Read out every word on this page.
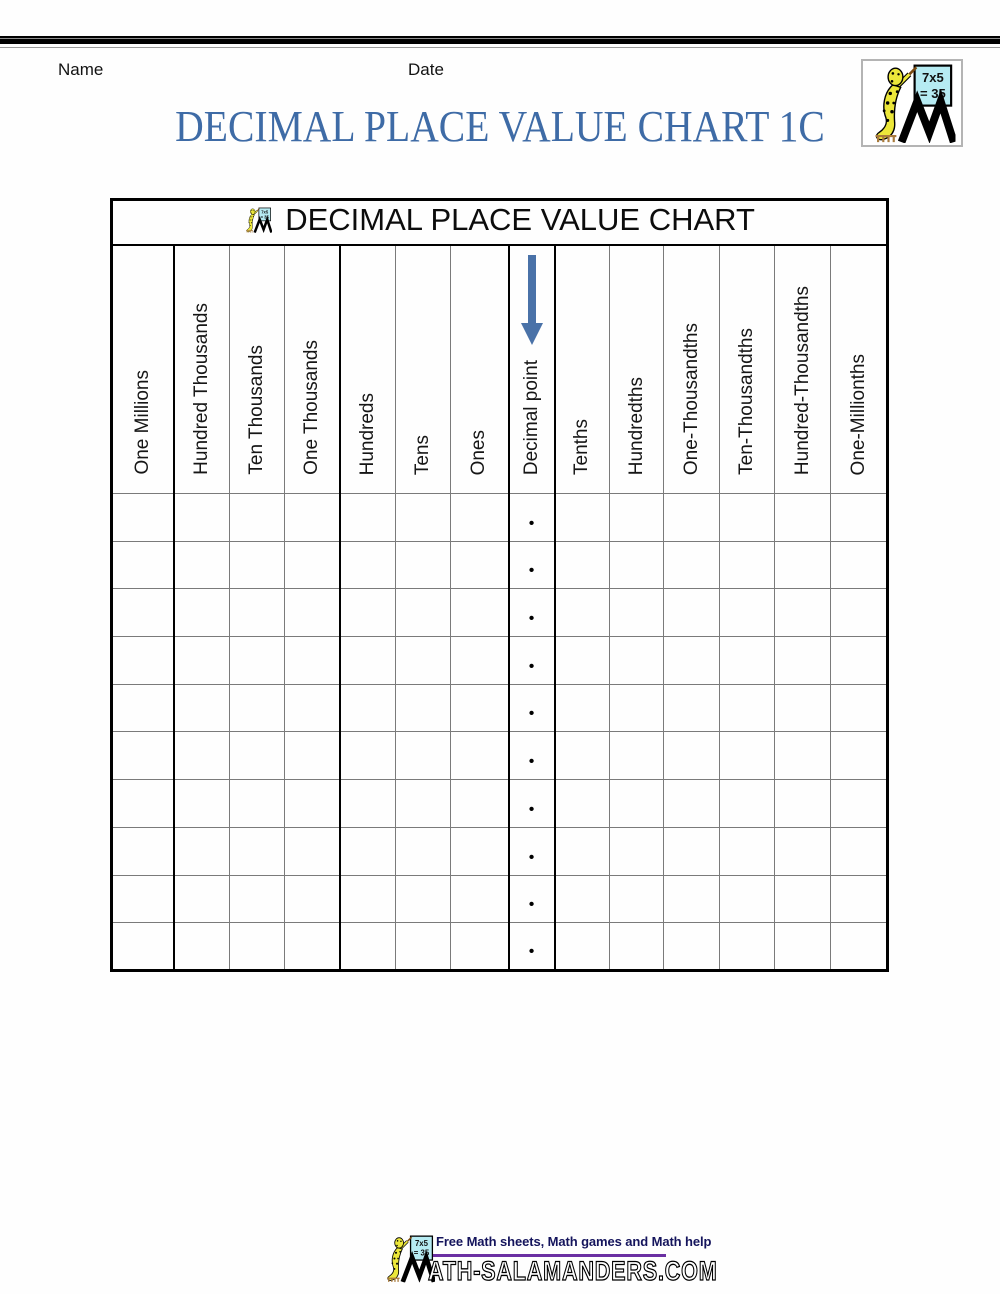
Name	Date
DECIMAL PLACE VALUE CHART 1C
DECIMAL PLACE VALUE CHART													

One Millions	Hundred Thousands	Ten Thousands	One Thousands	Hundreds	Tens	Ones	Decimal point	Tenths	Hundredths	One-Thousandths	Ten-Thousandths	Hundred-Thousandths	One-Millionths
							•						
							•						
							•						
							•						
							•						
							•						
							•						
							•						
							•						
							•						
Free Math sheets, Math games and Math help
ATH-SALAMANDERS.COM
